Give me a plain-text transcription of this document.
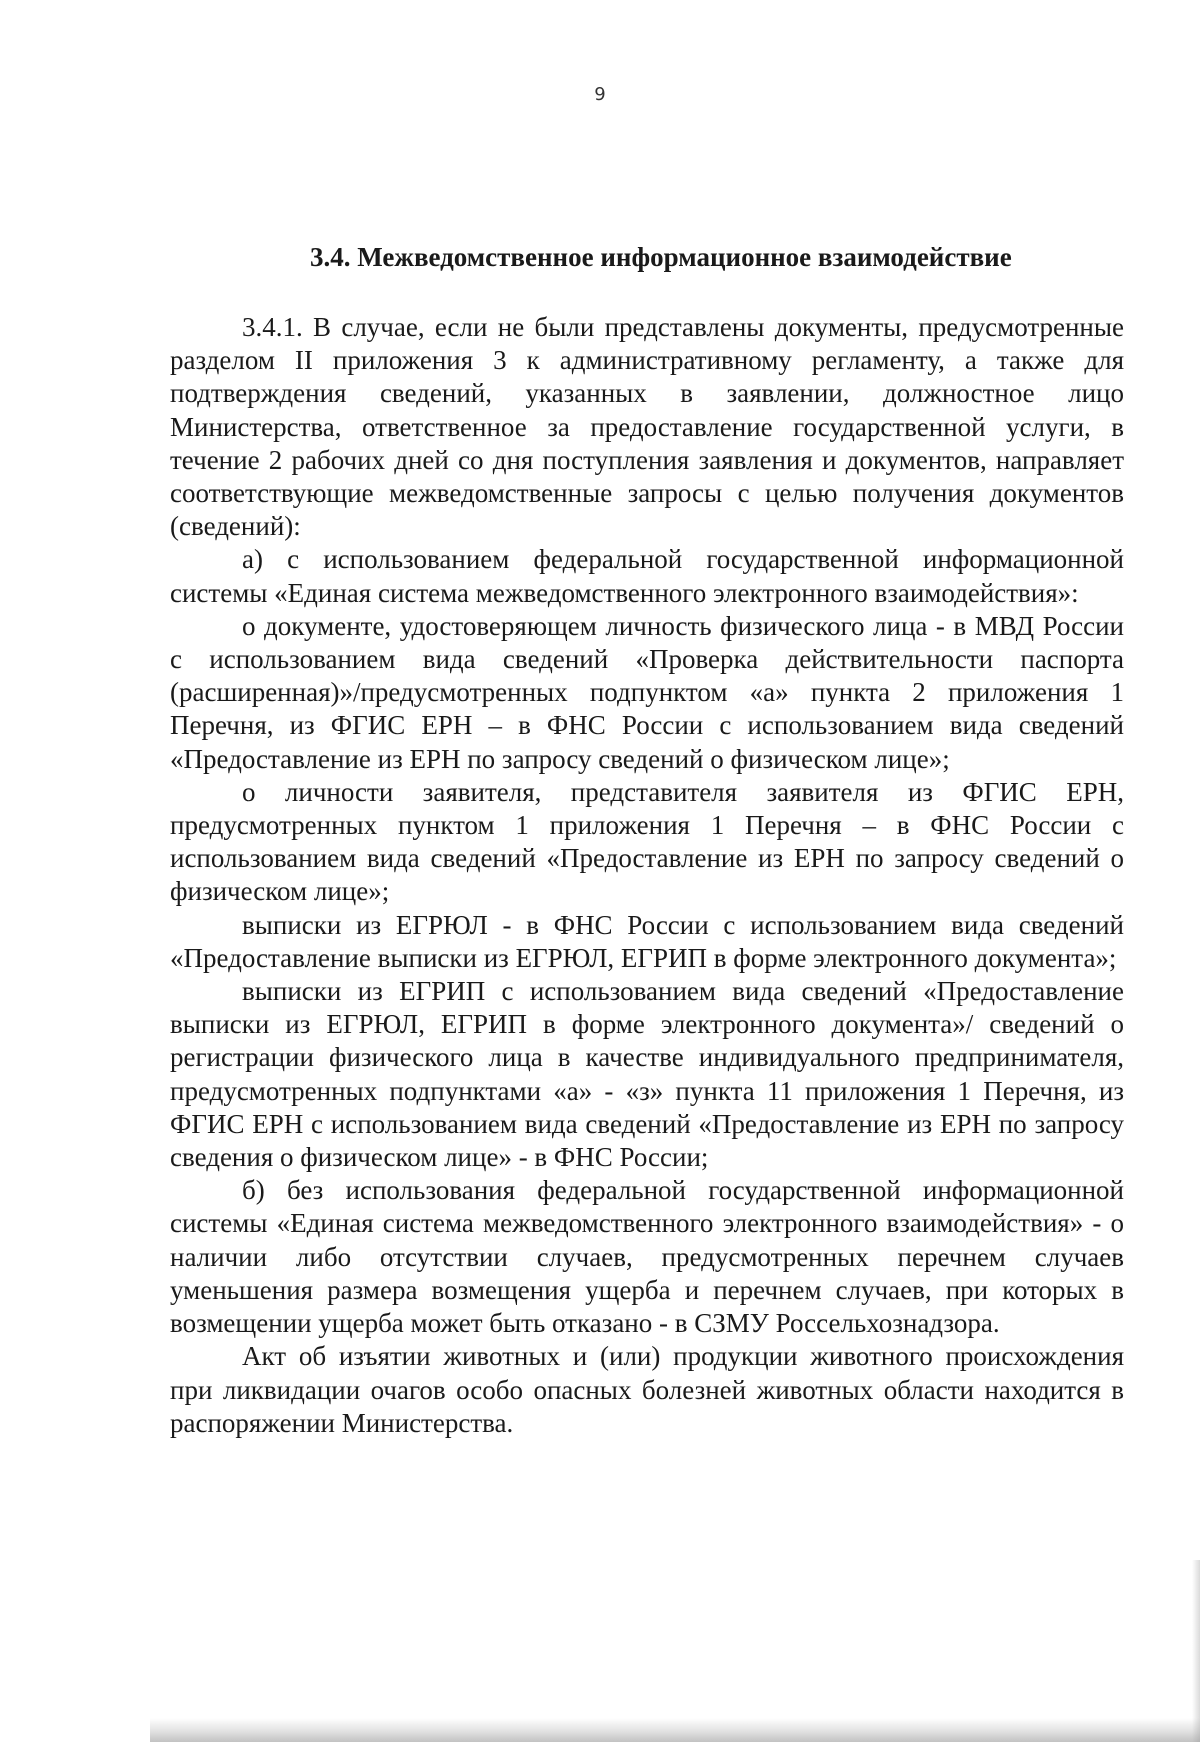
9
3.4. Межведомственное информационное взаимодействие

3.4.1. В случае, если не были представлены документы, предусмотренные разделом II приложения 3 к административному регламенту, а также для подтверждения сведений, указанных в заявлении, должностное лицо Министерства, ответственное за предоставление государственной услуги, в течение 2 рабочих дней со дня поступления заявления и документов, направляет соответствующие межведомственные запросы с целью получения документов (сведений):

а) с использованием федеральной государственной информационной системы «Единая система межведомственного электронного взаимодействия»:

о документе, удостоверяющем личность физического лица - в МВД России с использованием вида сведений «Проверка действительности паспорта (расширенная)»/предусмотренных подпунктом «а» пункта 2 приложения 1 Перечня, из ФГИС ЕРН – в ФНС России с использованием вида сведений «Предоставление из ЕРН по запросу сведений о физическом лице»;

о личности заявителя, представителя заявителя из ФГИС ЕРН, предусмотренных пунктом 1 приложения 1 Перечня – в ФНС России с использованием вида сведений «Предоставление из ЕРН по запросу сведений о физическом лице»;

выписки из ЕГРЮЛ - в ФНС России с использованием вида сведений «Предоставление выписки из ЕГРЮЛ, ЕГРИП в форме электронного документа»;

выписки из ЕГРИП с использованием вида сведений «Предоставление выписки из ЕГРЮЛ, ЕГРИП в форме электронного документа»/ сведений о регистрации физического лица в качестве индивидуального предпринимателя, предусмотренных подпунктами «а» - «з» пункта 11 приложения 1 Перечня, из ФГИС ЕРН с использованием вида сведений «Предоставление из ЕРН по запросу сведения о физическом лице» - в ФНС России;

б) без использования федеральной государственной информационной системы «Единая система межведомственного электронного взаимодействия» - о наличии либо отсутствии случаев, предусмотренных перечнем случаев уменьшения размера возмещения ущерба и перечнем случаев, при которых в возмещении ущерба может быть отказано - в СЗМУ Россельхознадзора.

Акт об изъятии животных и (или) продукции животного происхождения при ликвидации очагов особо опасных болезней животных области находится в распоряжении Министерства.
